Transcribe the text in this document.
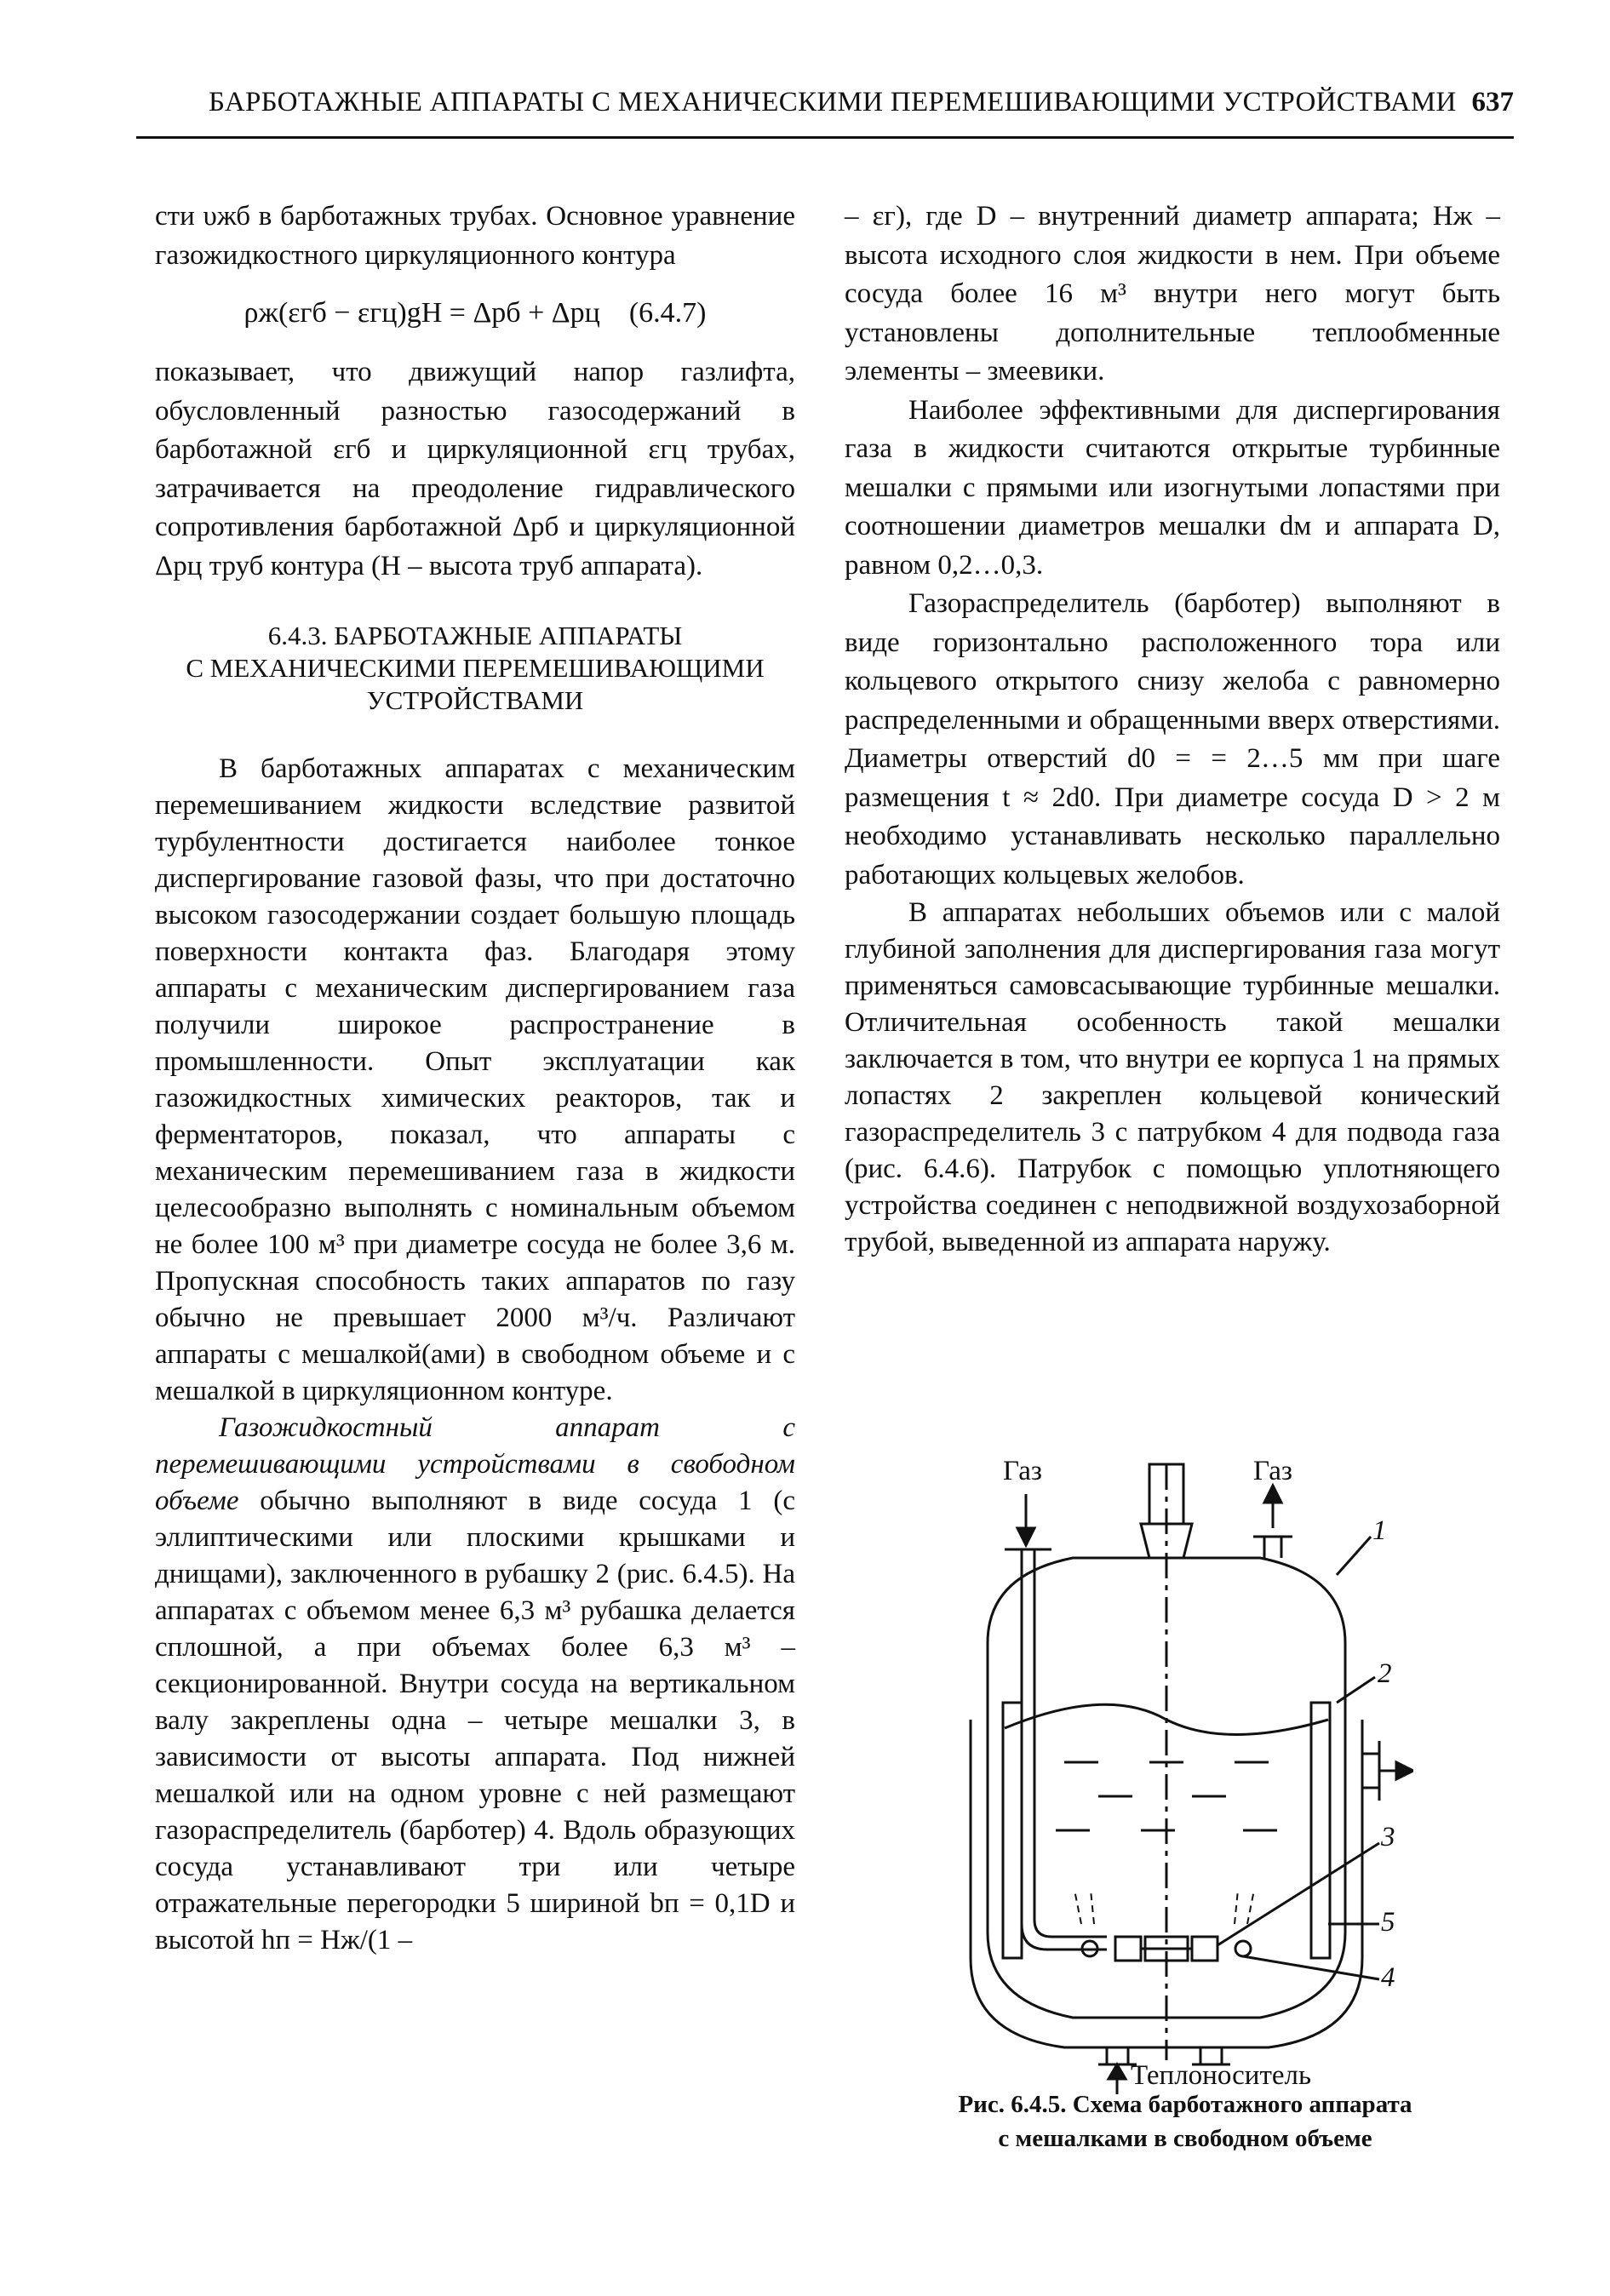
БАРБОТАЖНЫЕ АППАРАТЫ С МЕХАНИЧЕСКИМИ ПЕРЕМЕШИВАЮЩИМИ УСТРОЙСТВАМИ 637

сти υжб в барботажных трубах. Основное уравнение газожидкостного циркуляционного контура

ρж(εгб − εгц)gH = Δpб + Δpц (6.4.7)

показывает, что движущий напор газлифта, обусловленный разностью газосодержаний в барботажной εгб и циркуляционной εгц трубах, затрачивается на преодоление гидравлического сопротивления барботажной Δpб и циркуляционной Δpц труб контура (H – высота труб аппарата).

6.4.3. БАРБОТАЖНЫЕ АППАРАТЫ
С МЕХАНИЧЕСКИМИ ПЕРЕМЕШИВАЮЩИМИ
УСТРОЙСТВАМИ

В барботажных аппаратах с механическим перемешиванием жидкости вследствие развитой турбулентности достигается наиболее тонкое диспергирование газовой фазы, что при достаточно высоком газосодержании создает большую площадь поверхности контакта фаз. Благодаря этому аппараты с механическим диспергированием газа получили широкое распространение в промышленности. Опыт эксплуатации как газожидкостных химических реакторов, так и ферментаторов, показал, что аппараты с механическим перемешиванием газа в жидкости целесообразно выполнять с номинальным объемом не более 100 м³ при диаметре сосуда не более 3,6 м. Пропускная способность таких аппаратов по газу обычно не превышает 2000 м³/ч. Различают аппараты с мешалкой(ами) в свободном объеме и с мешалкой в циркуляционном контуре.

Газожидкостный аппарат с перемешивающими устройствами в свободном объеме обычно выполняют в виде сосуда 1 (с эллиптическими или плоскими крышками и днищами), заключенного в рубашку 2 (рис. 6.4.5). На аппаратах с объемом менее 6,3 м³ рубашка делается сплошной, а при объемах более 6,3 м³ – секционированной. Внутри сосуда на вертикальном валу закреплены одна – четыре мешалки 3, в зависимости от высоты аппарата. Под нижней мешалкой или на одном уровне с ней размещают газораспределитель (барботер) 4. Вдоль образующих сосуда устанавливают три или четыре отражательные перегородки 5 шириной bп = 0,1D и высотой hп = Hж/(1 –

– εг), где D – внутренний диаметр аппарата; Hж – высота исходного слоя жидкости в нем. При объеме сосуда более 16 м³ внутри него могут быть установлены дополнительные теплообменные элементы – змеевики.

Наиболее эффективными для диспергирования газа в жидкости считаются открытые турбинные мешалки с прямыми или изогнутыми лопастями при соотношении диаметров мешалки dм и аппарата D, равном 0,2…0,3.

Газораспределитель (барботер) выполняют в виде горизонтально расположенного тора или кольцевого открытого снизу желоба с равномерно распределенными и обращенными вверх отверстиями. Диаметры отверстий d0 = = 2…5 мм при шаге размещения t ≈ 2d0. При диаметре сосуда D > 2 м необходимо устанавливать несколько параллельно работающих кольцевых желобов.

В аппаратах небольших объемов или с малой глубиной заполнения для диспергирования газа могут применяться самовсасывающие турбинные мешалки. Отличительная особенность такой мешалки заключается в том, что внутри ее корпуса 1 на прямых лопастях 2 закреплен кольцевой конический газораспределитель 3 с патрубком 4 для подвода газа (рис. 6.4.6). Патрубок с помощью уплотняющего устройства соединен с неподвижной воздухозаборной трубой, выведенной из аппарата наружу.

Газ	Газ
1
2
3
5
4
Теплоноситель
Рис. 6.4.5. Схема барботажного аппарата
с мешалками в свободном объеме
